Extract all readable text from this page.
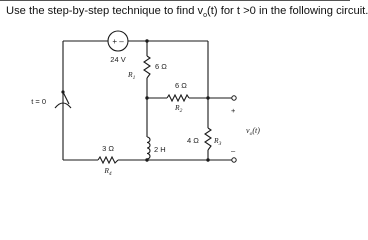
Use the step-by-step technique to find $v_o(t)$ for t >0 in the following circuit.
+ –
24 V
t = 0
6 Ω
$R_1$
6 Ω
$R_2$
2 H
4 Ω $R_3$
3 Ω
$R_4$
+
–
$v_o(t)$
